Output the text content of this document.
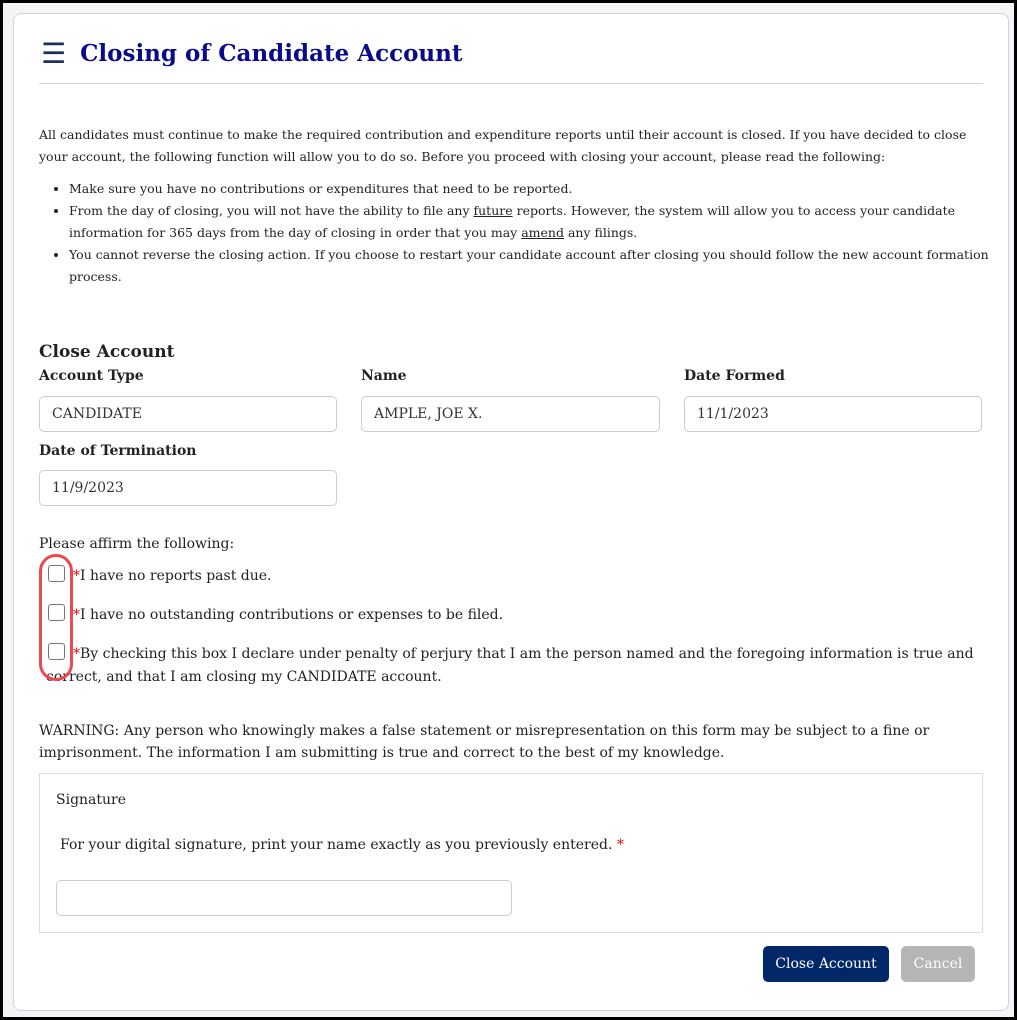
☰ Closing of Candidate Account

All candidates must continue to make the required contribution and expenditure reports until their account is closed. If you have decided to close your account, the following function will allow you to do so. Before you proceed with closing your account, please read the following:

• Make sure you have no contributions or expenditures that need to be reported.
• From the day of closing, you will not have the ability to file any future reports. However, the system will allow you to access your candidate information for 365 days from the day of closing in order that you may amend any filings.
• You cannot reverse the closing action. If you choose to restart your candidate account after closing you should follow the new account formation process.
Close Account
Account Type	Name	Date Formed
CANDIDATE	AMPLE, JOE X.	11/1/2023
Date of Termination
11/9/2023
Please affirm the following:
*I have no reports past due.
*I have no outstanding contributions or expenses to be filed.
*By checking this box I declare under penalty of perjury that I am the person named and the foregoing information is true and correct, and that I am closing my CANDIDATE account.
WARNING: Any person who knowingly makes a false statement or misrepresentation on this form may be subject to a fine or imprisonment. The information I am submitting is true and correct to the best of my knowledge.
Signature
For your digital signature, print your name exactly as you previously entered. *
Close Account	Cancel
